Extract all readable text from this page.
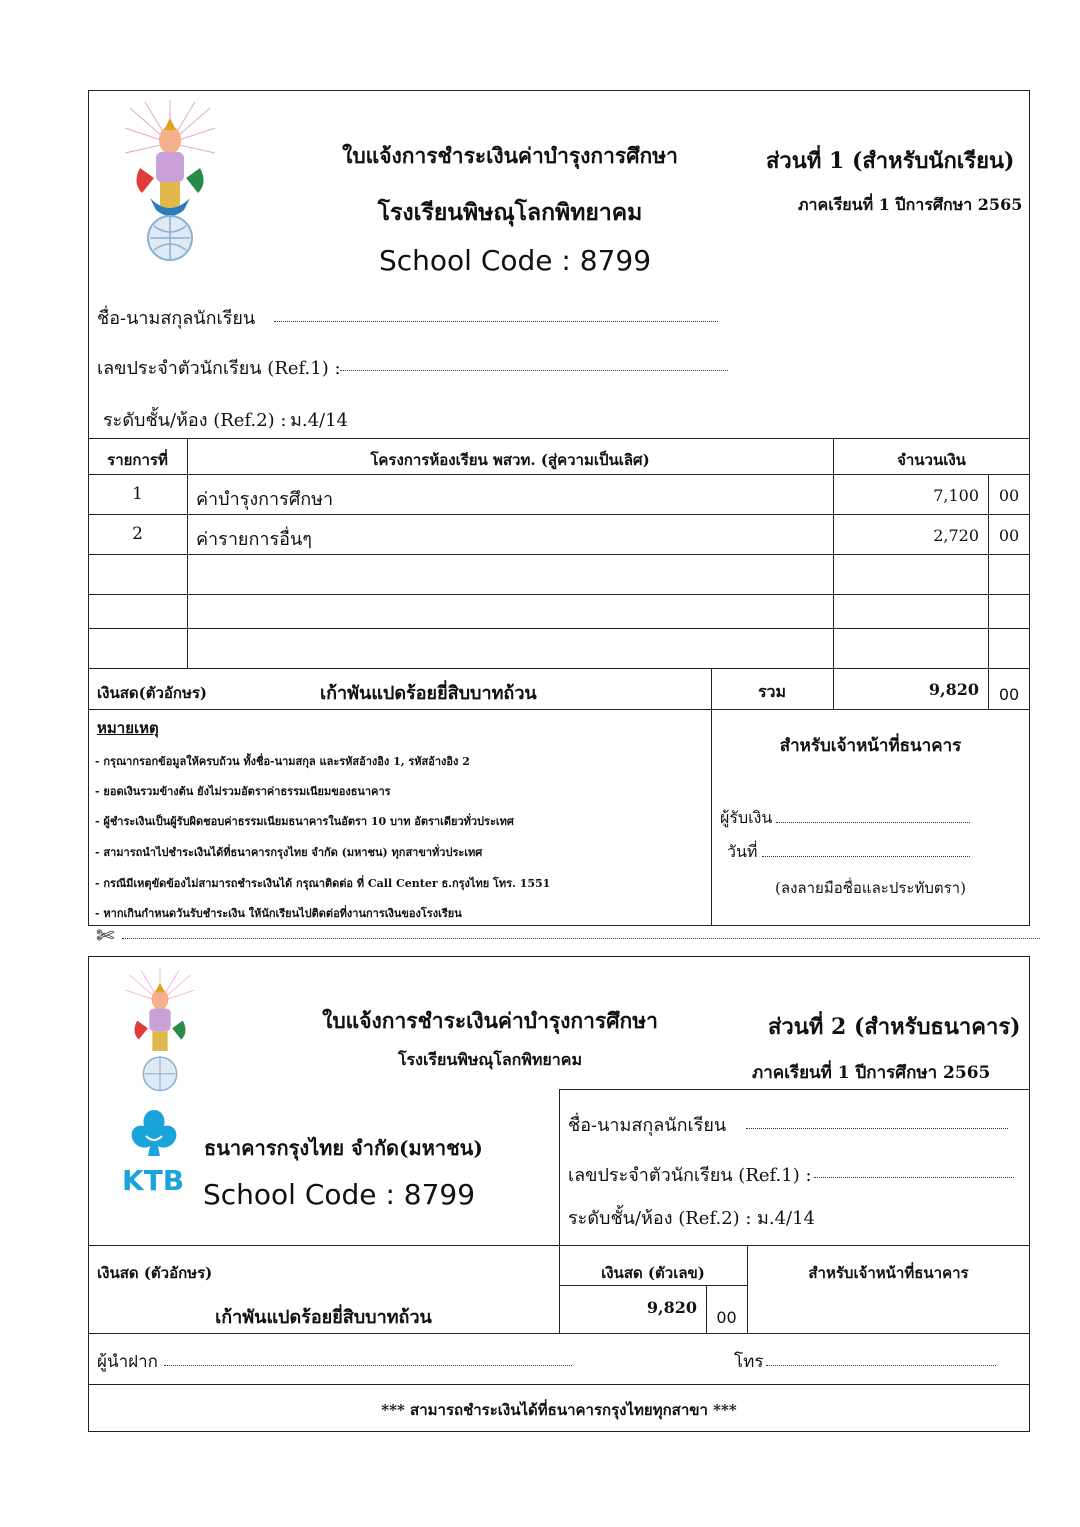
ใบแจ้งการชำระเงินค่าบำรุงการศึกษา
โรงเรียนพิษณุโลกพิทยาคม
School Code : 8799
ส่วนที่ 1 (สำหรับนักเรียน)
ภาคเรียนที่ 1 ปีการศึกษา 2565
ชื่อ-นามสกุลนักเรียน
เลขประจำตัวนักเรียน (Ref.1) :
ระดับชั้น/ห้อง (Ref.2) : ม.4/14
รายการที่	โครงการห้องเรียน พสวท. (สู่ความเป็นเลิศ)	จำนวนเงิน
1	ค่าบำรุงการศึกษา	7,100	00
2	ค่ารายการอื่นๆ	2,720	00
เงินสด(ตัวอักษร)	เก้าพันแปดร้อยยี่สิบบาทถ้วน	รวม	9,820	00
หมายเหตุ
- กรุณากรอกข้อมูลให้ครบถ้วน ทั้งชื่อ-นามสกุล และรหัสอ้างอิง 1, รหัสอ้างอิง 2
- ยอดเงินรวมข้างต้น ยังไม่รวมอัตราค่าธรรมเนียมของธนาคาร
- ผู้ชำระเงินเป็นผู้รับผิดชอบค่าธรรมเนียมธนาคารในอัตรา 10 บาท อัตราเดียวทั่วประเทศ
- สามารถนำไปชำระเงินได้ที่ธนาคารกรุงไทย จำกัด (มหาชน) ทุกสาขาทั่วประเทศ
- กรณีมีเหตุขัดข้องไม่สามารถชำระเงินได้ กรุณาติดต่อ ที่ Call Center ธ.กรุงไทย โทร. 1551
- หากเกินกำหนดวันรับชำระเงิน ให้นักเรียนไปติดต่อที่งานการเงินของโรงเรียน
สำหรับเจ้าหน้าที่ธนาคาร
ผู้รับเงิน
วันที่
(ลงลายมือชื่อและประทับตรา)
✄
ใบแจ้งการชำระเงินค่าบำรุงการศึกษา
โรงเรียนพิษณุโลกพิทยาคม
ส่วนที่ 2 (สำหรับธนาคาร)
ภาคเรียนที่ 1 ปีการศึกษา 2565
KTB
ธนาคารกรุงไทย จำกัด(มหาชน)
School Code : 8799
ชื่อ-นามสกุลนักเรียน
เลขประจำตัวนักเรียน (Ref.1) :
ระดับชั้น/ห้อง (Ref.2) : ม.4/14
เงินสด (ตัวอักษร)
เก้าพันแปดร้อยยี่สิบบาทถ้วน
เงินสด (ตัวเลข)
9,820
00
สำหรับเจ้าหน้าที่ธนาคาร
ผู้นำฝาก	โทร
*** สามารถชำระเงินได้ที่ธนาคารกรุงไทยทุกสาขา ***
